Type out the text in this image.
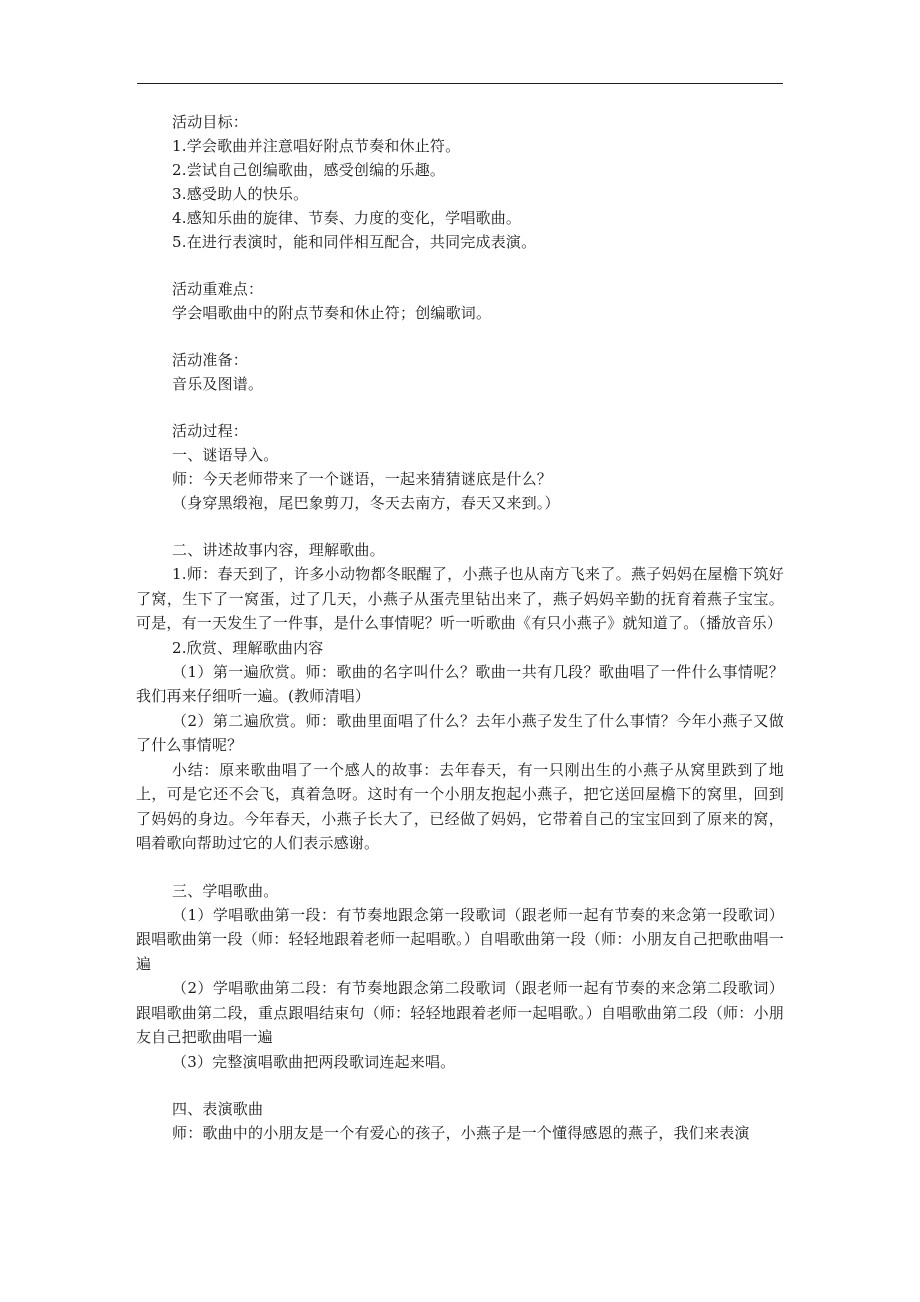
活动目标：
1.学会歌曲并注意唱好附点节奏和休止符。
2.尝试自己创编歌曲，感受创编的乐趣。
3.感受助人的快乐。
4.感知乐曲的旋律、节奏、力度的变化，学唱歌曲。
5.在进行表演时，能和同伴相互配合，共同完成表演。
活动重难点：
学会唱歌曲中的附点节奏和休止符；创编歌词。
活动准备：
音乐及图谱。
活动过程：
一、谜语导入。
师：今天老师带来了一个谜语，一起来猜猜谜底是什么？
（身穿黑缎袍，尾巴象剪刀，冬天去南方，春天又来到。）
二、讲述故事内容，理解歌曲。
1.师：春天到了，许多小动物都冬眠醒了，小燕子也从南方飞来了。燕子妈妈在屋檐下筑好了窝，生下了一窝蛋，过了几天，小燕子从蛋壳里钻出来了，燕子妈妈辛勤的抚育着燕子宝宝。可是，有一天发生了一件事，是什么事情呢？听一听歌曲《有只小燕子》就知道了。（播放音乐）
2.欣赏、理解歌曲内容
（1）第一遍欣赏。师：歌曲的名字叫什么？歌曲一共有几段？歌曲唱了一件什么事情呢？我们再来仔细听一遍。(教师清唱）
（2）第二遍欣赏。师：歌曲里面唱了什么？去年小燕子发生了什么事情？今年小燕子又做了什么事情呢？
小结：原来歌曲唱了一个感人的故事：去年春天，有一只刚出生的小燕子从窝里跌到了地上，可是它还不会飞，真着急呀。这时有一个小朋友抱起小燕子，把它送回屋檐下的窝里，回到了妈妈的身边。今年春天，小燕子长大了，已经做了妈妈，它带着自己的宝宝回到了原来的窝，唱着歌向帮助过它的人们表示感谢。
三、学唱歌曲。
（1）学唱歌曲第一段：有节奏地跟念第一段歌词（跟老师一起有节奏的来念第一段歌词）跟唱歌曲第一段（师：轻轻地跟着老师一起唱歌。）自唱歌曲第一段（师：小朋友自己把歌曲唱一遍
（2）学唱歌曲第二段：有节奏地跟念第二段歌词（跟老师一起有节奏的来念第二段歌词）跟唱歌曲第二段，重点跟唱结束句（师：轻轻地跟着老师一起唱歌。）自唱歌曲第二段（师：小朋友自己把歌曲唱一遍
（3）完整演唱歌曲把两段歌词连起来唱。
四、表演歌曲
师：歌曲中的小朋友是一个有爱心的孩子，小燕子是一个懂得感恩的燕子，我们来表演
